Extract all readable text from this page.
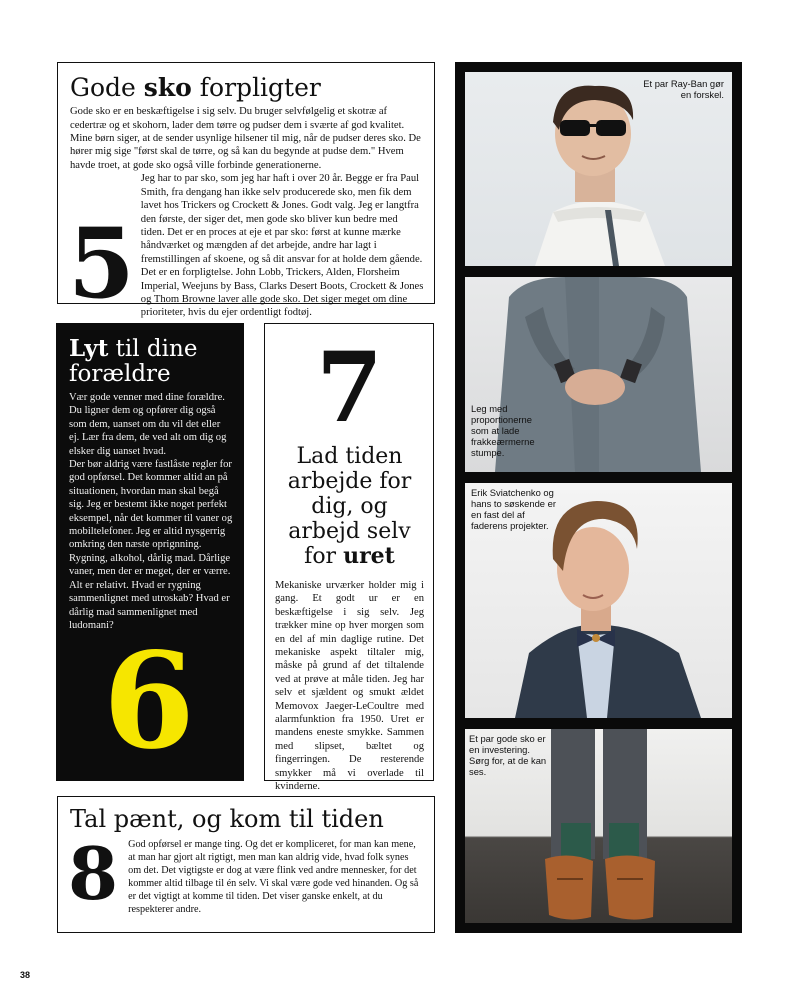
Gode sko forpligter

Gode sko er en beskæftigelse i sig selv. Du bruger selvfølgelig et skotræ af cedertræ og et skohorn, lader dem tørre og pudser dem i sværte af god kvalitet. Mine børn siger, at de sender usynlige hilsener til mig, når de pudser deres sko. De hører mig sige "først skal de tørre, og så kan du begynde at pudse dem." Hvem havde troet, at gode sko også ville forbinde generationerne.

5

Jeg har to par sko, som jeg har haft i over 20 år. Begge er fra Paul Smith, fra dengang han ikke selv producerede sko, men fik dem lavet hos Trickers og Crockett & Jones. Godt valg. Jeg er langtfra den første, der siger det, men gode sko bliver kun bedre med tiden. Det er en proces at eje et par sko: først at kunne mærke håndværket og mængden af det arbejde, andre har lagt i fremstillingen af skoene, og så dit ansvar for at holde dem gående. Det er en forpligtelse. John Lobb, Trickers, Alden, Florsheim Imperial, Weejuns by Bass, Clarks Desert Boots, Crockett & Jones og Thom Browne laver alle gode sko. Det siger meget om dine prioriteter, hvis du ejer ordentligt fodtøj.

Lyt til dine forældre

Vær gode venner med dine forældre. Du ligner dem og opfører dig også som dem, uanset om du vil det eller ej. Lær fra dem, de ved alt om dig og elsker dig uanset hvad.

Der bør aldrig være fastlåste regler for god opførsel. Det kommer altid an på situationen, hvordan man skal begå sig. Jeg er bestemt ikke noget perfekt eksempel, når det kommer til vaner og mobiltelefoner. Jeg er altid nysgerrig omkring den næste oprignning.

Rygning, alkohol, dårlig mad. Dårlige vaner, men der er meget, der er værre. Alt er relativt. Hvad er rygning sammenlignet med utroskab? Hvad er dårlig mad sammenlignet med ludomani?

6
7
Lad tiden arbejde for dig, og arbejd selv for uret

Mekaniske urværker holder mig i gang. Et godt ur er en beskæftigelse i sig selv. Jeg trækker mine op hver morgen som en del af min daglige rutine. Det mekaniske aspekt tiltaler mig, måske på grund af det tiltalende ved at prøve at måle tiden. Jeg har selv et sjældent og smukt ældet Memovox Jaeger-LeCoultre med alarmfunktion fra 1950. Uret er mandens eneste smykke. Sammen med slipset, bæltet og fingerringen. De resterende smykker må vi overlade til kvinderne.

Tal pænt, og kom til tiden
8 God opførsel er mange ting. Og det er kompliceret, for man kan mene, at man har gjort alt rigtigt, men man kan aldrig vide, hvad folk synes om det. Det vigtigste er dog at være flink ved andre mennesker, for det kommer altid tilbage til én selv. Vi skal være gode ved hinanden. Og så er det vigtigt at komme til tiden. Det viser ganske enkelt, at du respekterer andre.

Et par Ray-Ban gør en forskel.
Leg med proportionerne som at lade frakkeærmerne stumpe.
Erik Sviatchenko og hans to søskende er en fast del af faderens projekter.
Et par gode sko er en investering. Sørg for, at de kan ses.
38
